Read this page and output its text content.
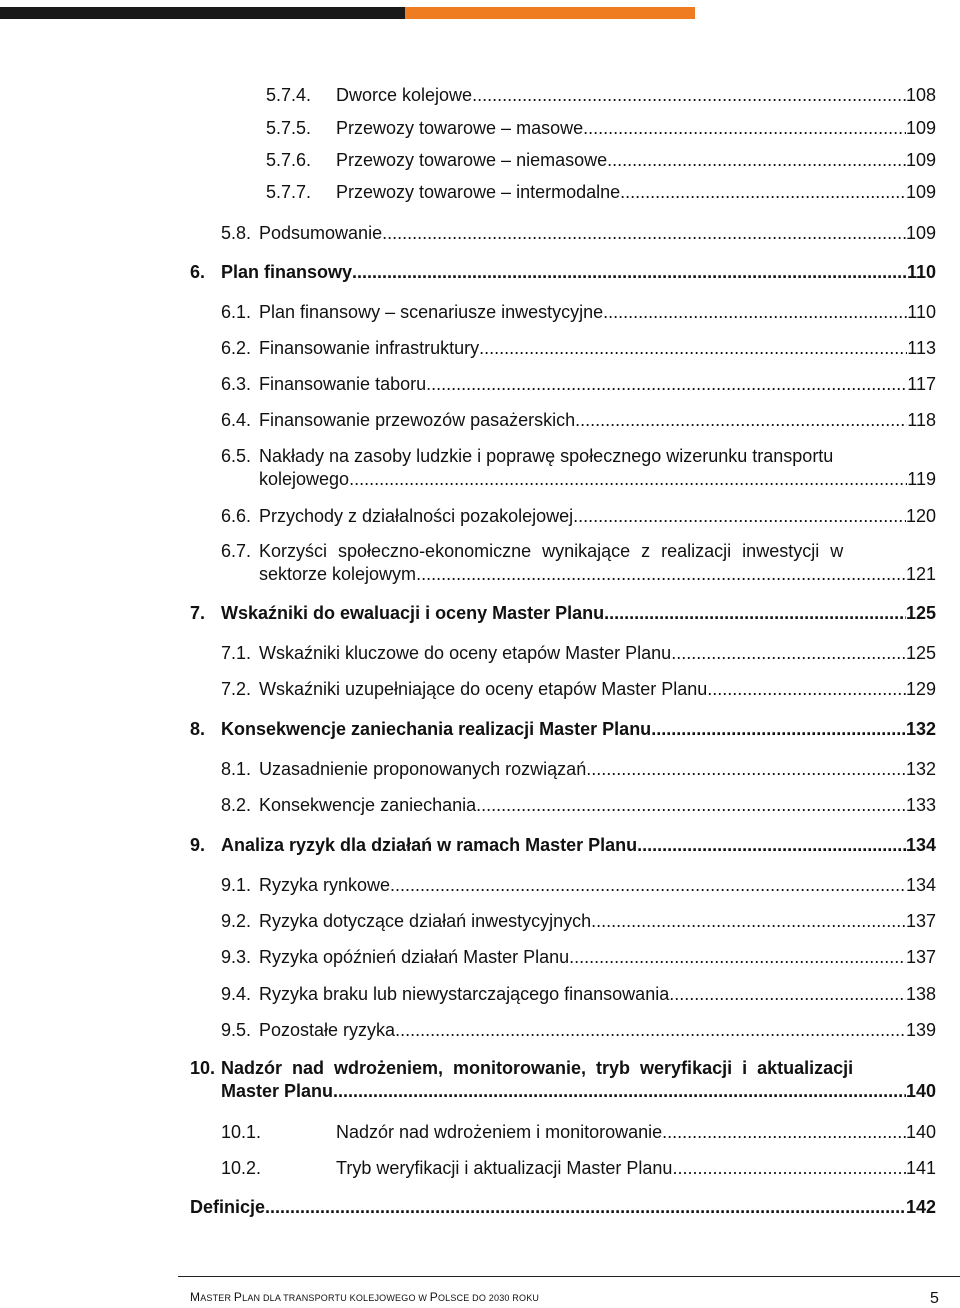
5.7.4.	Dworce kolejowe .....	108
5.7.5.	Przewozy towarowe – masowe .....	109
5.7.6.	Przewozy towarowe – niemasowe .....	109
5.7.7.	Przewozy towarowe – intermodalne .....	109
5.8. Podsumowanie .....	109
6. Plan finansowy .....	110
6.1. Plan finansowy – scenariusze inwestycyjne .....	110
6.2. Finansowanie infrastruktury .....	113
6.3. Finansowanie taboru .....	117
6.4. Finansowanie przewozów pasażerskich .....	118
6.5. Nakłady na zasoby ludzkie i poprawę społecznego wizerunku transportu
kolejowego .....	119
6.6. Przychody z działalności pozakolejowej .....	120
6.7. Korzyści społeczno-ekonomiczne wynikające z realizacji inwestycji w
sektorze kolejowym .....	121
7. Wskaźniki do ewaluacji i oceny Master Planu .....	125
7.1. Wskaźniki kluczowe do oceny etapów Master Planu .....	125
7.2. Wskaźniki uzupełniające do oceny etapów Master Planu .....	129
8. Konsekwencje zaniechania realizacji Master Planu .....	132
8.1. Uzasadnienie proponowanych rozwiązań .....	132
8.2. Konsekwencje zaniechania .....	133
9. Analiza ryzyk dla działań w ramach Master Planu .....	134
9.1. Ryzyka rynkowe .....	134
9.2. Ryzyka dotyczące działań inwestycyjnych .....	137
9.3. Ryzyka opóźnień działań Master Planu .....	137
9.4. Ryzyka braku lub niewystarczającego finansowania .....	138
9.5. Pozostałe ryzyka .....	139
10. Nadzór nad wdrożeniem, monitorowanie, tryb weryfikacji i aktualizacji
Master Planu .....	140
10.1.	Nadzór nad wdrożeniem i monitorowanie .....	140
10.2.	Tryb weryfikacji i aktualizacji Master Planu .....	141
Definicje .....	142
MASTER PLAN DLA TRANSPORTU KOLEJOWEGO W POLSCE DO 2030 ROKU	5
